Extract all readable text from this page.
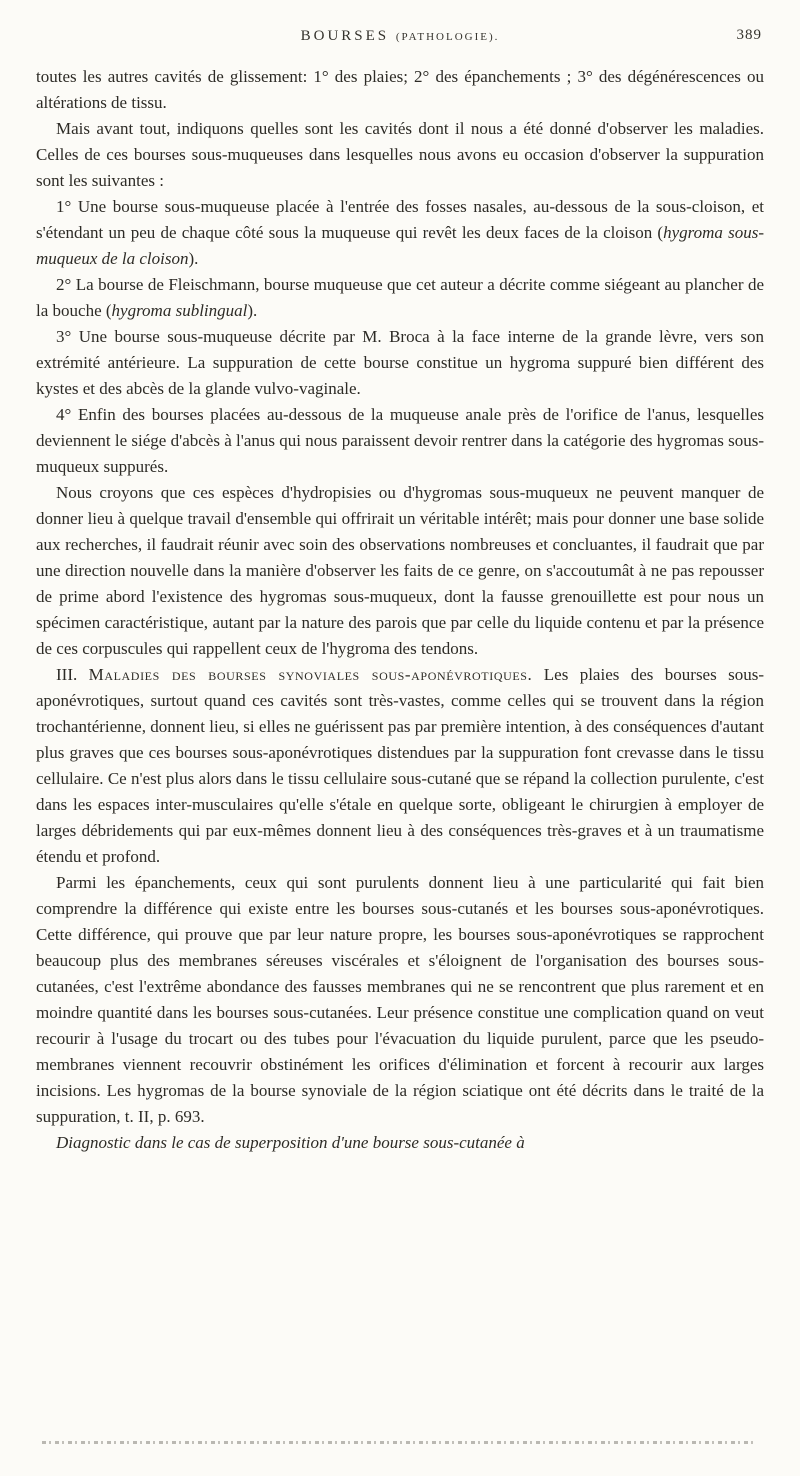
BOURSES (PATHOLOGIE).	389

toutes les autres cavités de glissement: 1° des plaies; 2° des épanchements ; 3° des dégénérescences ou altérations de tissu.

Mais avant tout, indiquons quelles sont les cavités dont il nous a été donné d'observer les maladies. Celles de ces bourses sous-muqueuses dans lesquelles nous avons eu occasion d'observer la suppuration sont les suivantes :

1° Une bourse sous-muqueuse placée à l'entrée des fosses nasales, au-dessous de la sous-cloison, et s'étendant un peu de chaque côté sous la muqueuse qui revêt les deux faces de la cloison (hygroma sous-muqueux de la cloison).

2° La bourse de Fleischmann, bourse muqueuse que cet auteur a décrite comme siégeant au plancher de la bouche (hygroma sublingual).

3° Une bourse sous-muqueuse décrite par M. Broca à la face interne de la grande lèvre, vers son extrémité antérieure. La suppuration de cette bourse constitue un hygroma suppuré bien différent des kystes et des abcès de la glande vulvo-vaginale.

4° Enfin des bourses placées au-dessous de la muqueuse anale près de l'orifice de l'anus, lesquelles deviennent le siége d'abcès à l'anus qui nous paraissent devoir rentrer dans la catégorie des hygromas sous-muqueux suppurés.

Nous croyons que ces espèces d'hydropisies ou d'hygromas sous-muqueux ne peuvent manquer de donner lieu à quelque travail d'ensemble qui offrirait un véritable intérêt; mais pour donner une base solide aux recherches, il faudrait réunir avec soin des observations nombreuses et concluantes, il faudrait que par une direction nouvelle dans la manière d'observer les faits de ce genre, on s'accoutumât à ne pas repousser de prime abord l'existence des hygromas sous-muqueux, dont la fausse grenouillette est pour nous un spécimen caractéristique, autant par la nature des parois que par celle du liquide contenu et par la présence de ces corpuscules qui rappellent ceux de l'hygroma des tendons.

III. Maladies des bourses synoviales sous-aponévrotiques. Les plaies des bourses sous-aponévrotiques, surtout quand ces cavités sont très-vastes, comme celles qui se trouvent dans la région trochantérienne, donnent lieu, si elles ne guérissent pas par première intention, à des conséquences d'autant plus graves que ces bourses sous-aponévrotiques distendues par la suppuration font crevasse dans le tissu cellulaire. Ce n'est plus alors dans le tissu cellulaire sous-cutané que se répand la collection purulente, c'est dans les espaces inter-musculaires qu'elle s'étale en quelque sorte, obligeant le chirurgien à employer de larges débridements qui par eux-mêmes donnent lieu à des conséquences très-graves et à un traumatisme étendu et profond.

Parmi les épanchements, ceux qui sont purulents donnent lieu à une particularité qui fait bien comprendre la différence qui existe entre les bourses sous-cutanés et les bourses sous-aponévrotiques. Cette différence, qui prouve que par leur nature propre, les bourses sous-aponévrotiques se rapprochent beaucoup plus des membranes séreuses viscérales et s'éloignent de l'organisation des bourses sous-cutanées, c'est l'extrême abondance des fausses membranes qui ne se rencontrent que plus rarement et en moindre quantité dans les bourses sous-cutanées. Leur présence constitue une complication quand on veut recourir à l'usage du trocart ou des tubes pour l'évacuation du liquide purulent, parce que les pseudo-membranes viennent recouvrir obstinément les orifices d'élimination et forcent à recourir aux larges incisions. Les hygromas de la bourse synoviale de la région sciatique ont été décrits dans le traité de la suppuration, t. II, p. 693.

Diagnostic dans le cas de superposition d'une bourse sous-cutanée à
